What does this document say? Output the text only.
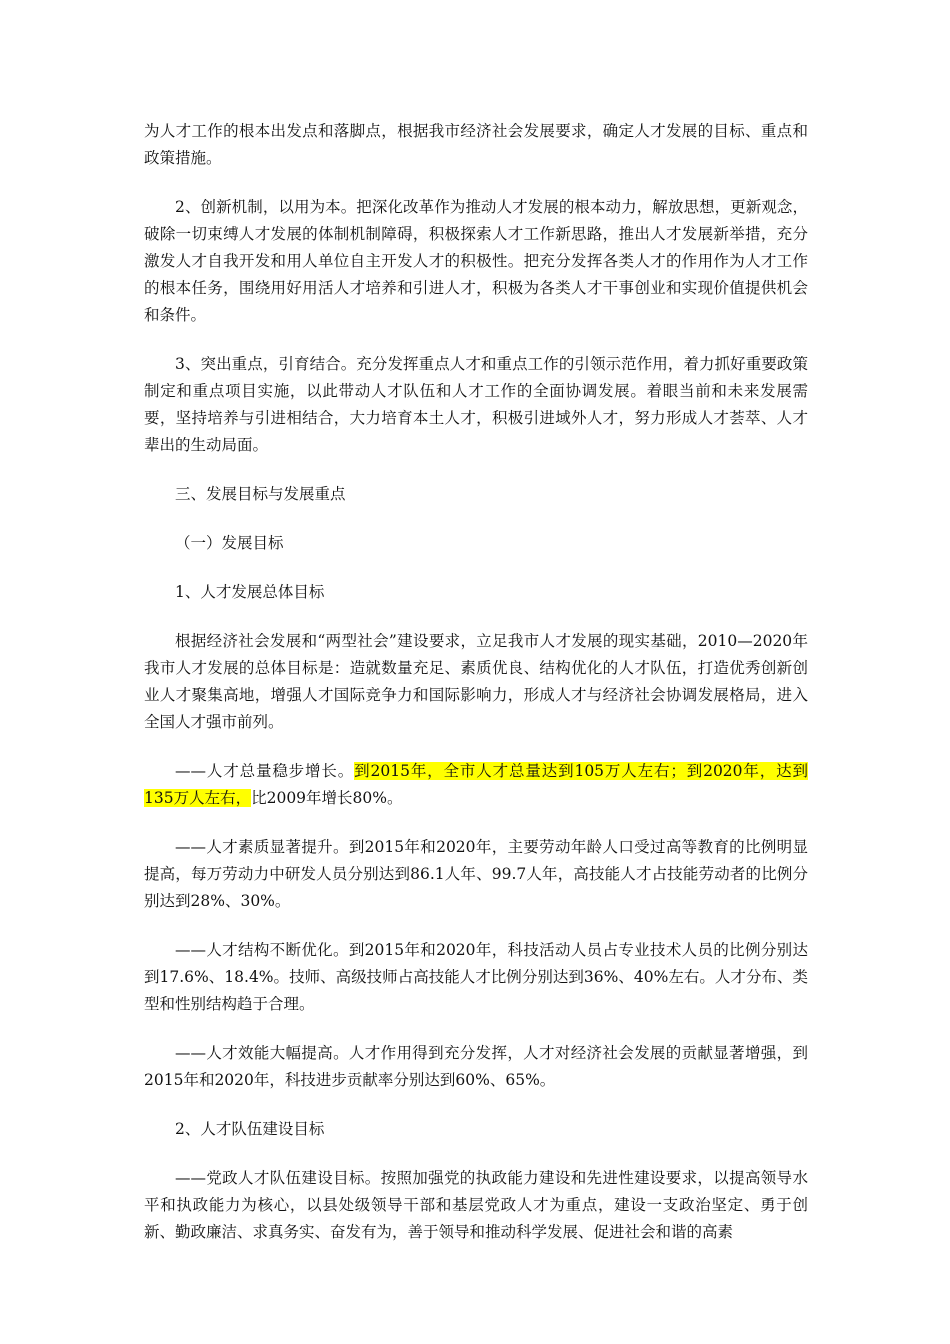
为人才工作的根本出发点和落脚点，根据我市经济社会发展要求，确定人才发展的目标、重点和政策措施。

2、创新机制，以用为本。把深化改革作为推动人才发展的根本动力，解放思想，更新观念，破除一切束缚人才发展的体制机制障碍，积极探索人才工作新思路，推出人才发展新举措，充分激发人才自我开发和用人单位自主开发人才的积极性。把充分发挥各类人才的作用作为人才工作的根本任务，围绕用好用活人才培养和引进人才，积极为各类人才干事创业和实现价值提供机会和条件。

3、突出重点，引育结合。充分发挥重点人才和重点工作的引领示范作用，着力抓好重要政策制定和重点项目实施，以此带动人才队伍和人才工作的全面协调发展。着眼当前和未来发展需要，坚持培养与引进相结合，大力培育本土人才，积极引进域外人才，努力形成人才荟萃、人才辈出的生动局面。

三、发展目标与发展重点

（一）发展目标

1、人才发展总体目标

根据经济社会发展和“两型社会”建设要求，立足我市人才发展的现实基础，2010—2020年我市人才发展的总体目标是：造就数量充足、素质优良、结构优化的人才队伍，打造优秀创新创业人才聚集高地，增强人才国际竞争力和国际影响力，形成人才与经济社会协调发展格局，进入全国人才强市前列。

——人才总量稳步增长。到2015年，全市人才总量达到105万人左右；到2020年，达到135万人左右，比2009年增长80%。

——人才素质显著提升。到2015年和2020年，主要劳动年龄人口受过高等教育的比例明显提高，每万劳动力中研发人员分别达到86.1人年、99.7人年，高技能人才占技能劳动者的比例分别达到28%、30%。

——人才结构不断优化。到2015年和2020年，科技活动人员占专业技术人员的比例分别达到17.6%、18.4%。技师、高级技师占高技能人才比例分别达到36%、40%左右。人才分布、类型和性别结构趋于合理。

——人才效能大幅提高。人才作用得到充分发挥，人才对经济社会发展的贡献显著增强，到2015年和2020年，科技进步贡献率分别达到60%、65%。

2、人才队伍建设目标

——党政人才队伍建设目标。按照加强党的执政能力建设和先进性建设要求，以提高领导水平和执政能力为核心，以县处级领导干部和基层党政人才为重点，建设一支政治坚定、勇于创新、勤政廉洁、求真务实、奋发有为，善于领导和推动科学发展、促进社会和谐的高素
